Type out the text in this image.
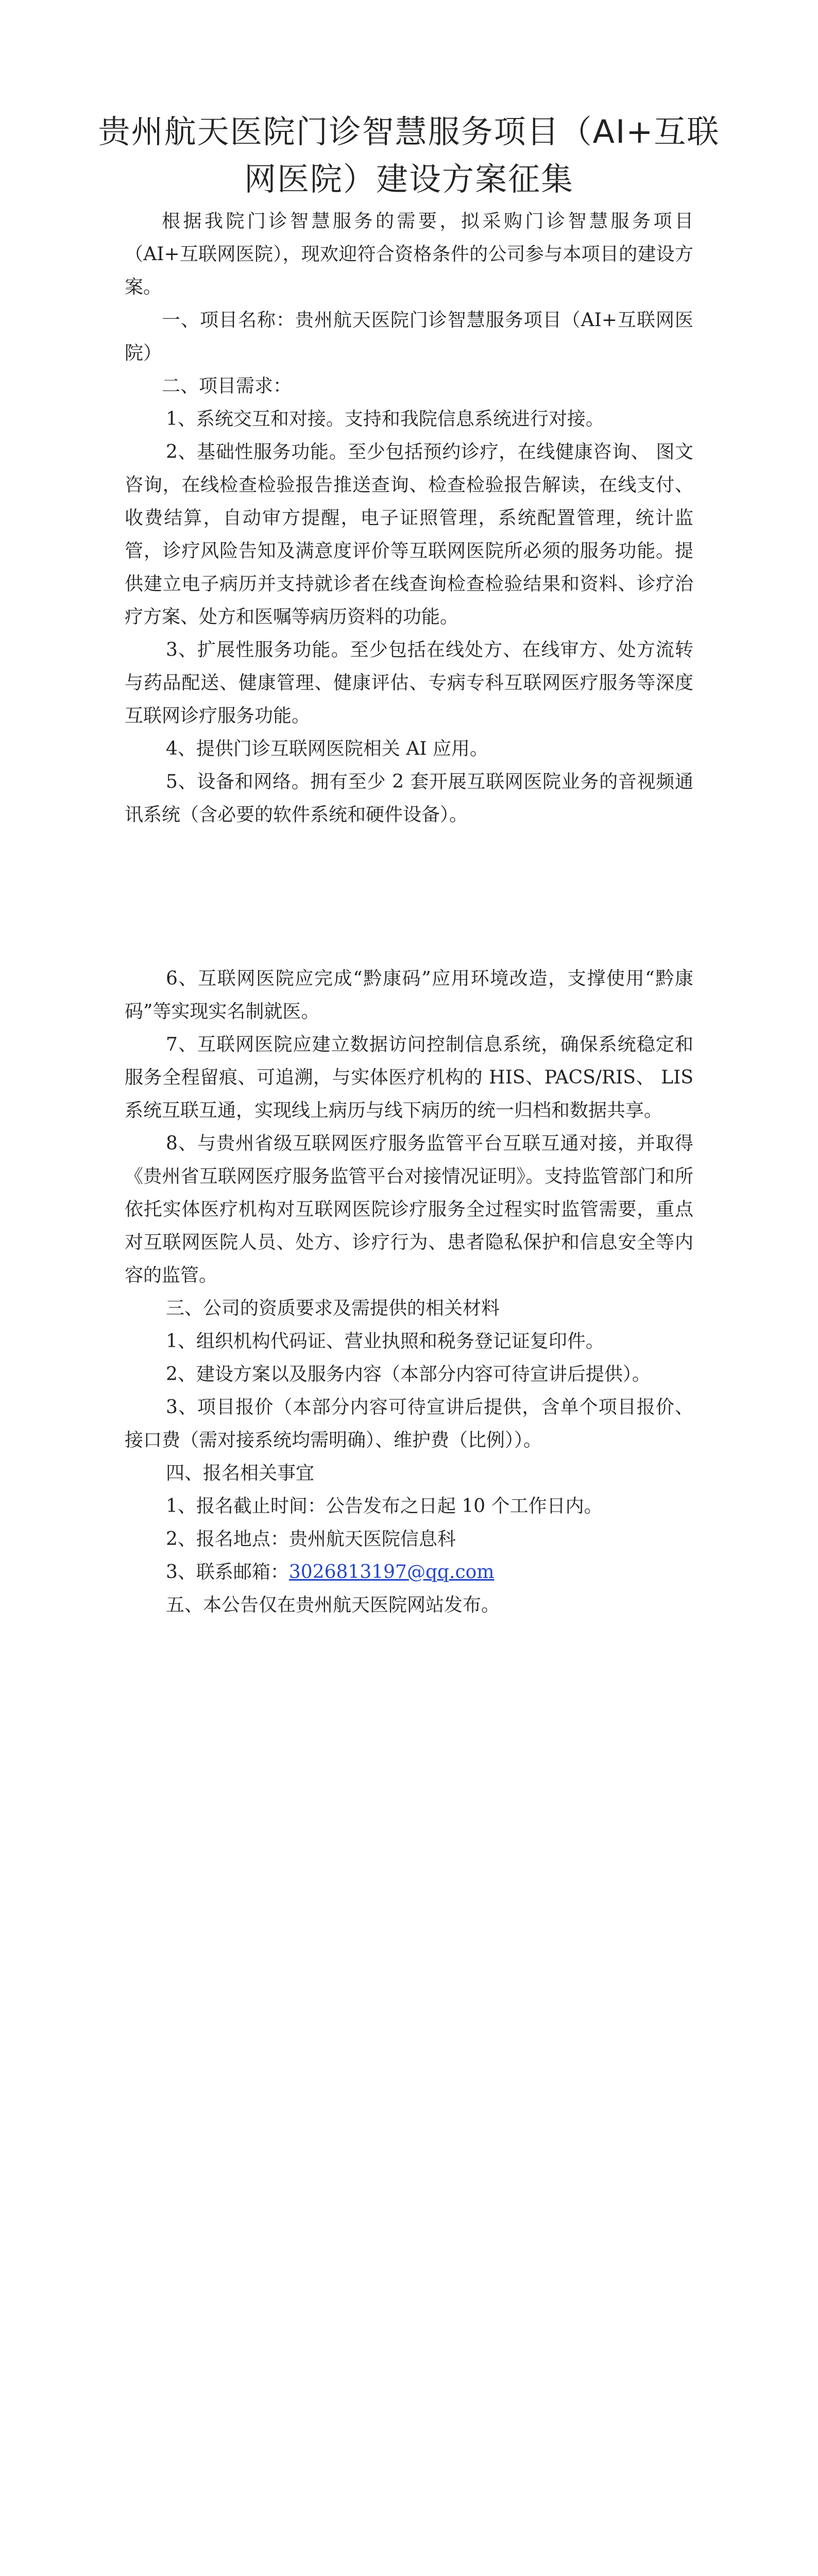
贵州航天医院门诊智慧服务项目（AI+互联
网医院）建设方案征集

根据我院门诊智慧服务的需要，拟采购门诊智慧服务项目（AI+互联网医院），现欢迎符合资格条件的公司参与本项目的建设方案。

一、项目名称：贵州航天医院门诊智慧服务项目（AI+互联网医院）

二、项目需求：

1、系统交互和对接。支持和我院信息系统进行对接。

2、基础性服务功能。至少包括预约诊疗，在线健康咨询、 图文咨询，在线检查检验报告推送查询、检查检验报告解读，在线支付、收费结算，自动审方提醒，电子证照管理，系统配置管理，统计监管，诊疗风险告知及满意度评价等互联网医院所必须的服务功能。提供建立电子病历并支持就诊者在线查询检查检验结果和资料、诊疗治疗方案、处方和医嘱等病历资料的功能。

3、扩展性服务功能。至少包括在线处方、在线审方、处方流转与药品配送、健康管理、健康评估、专病专科互联网医疗服务等深度互联网诊疗服务功能。

4、提供门诊互联网医院相关 AI 应用。

5、设备和网络。拥有至少 2 套开展互联网医院业务的音视频通讯系统（含必要的软件系统和硬件设备）。

6、互联网医院应完成“黔康码”应用环境改造，支撑使用“黔康码”等实现实名制就医。

7、互联网医院应建立数据访问控制信息系统，确保系统稳定和服务全程留痕、可追溯，与实体医疗机构的 HIS、PACS/RIS、 LIS 系统互联互通，实现线上病历与线下病历的统一归档和数据共享。

8、与贵州省级互联网医疗服务监管平台互联互通对接，并取得《贵州省互联网医疗服务监管平台对接情况证明》。支持监管部门和所依托实体医疗机构对互联网医院诊疗服务全过程实时监管需要，重点对互联网医院人员、处方、诊疗行为、患者隐私保护和信息安全等内容的监管。

三、公司的资质要求及需提供的相关材料

1、组织机构代码证、营业执照和税务登记证复印件。

2、建设方案以及服务内容（本部分内容可待宣讲后提供）。

3、项目报价（本部分内容可待宣讲后提供，含单个项目报价、接口费（需对接系统均需明确）、维护费（比例））。

四、报名相关事宜

1、报名截止时间：公告发布之日起 10 个工作日内。

2、报名地点：贵州航天医院信息科

3、联系邮箱：3026813197@qq.com

五、本公告仅在贵州航天医院网站发布。
